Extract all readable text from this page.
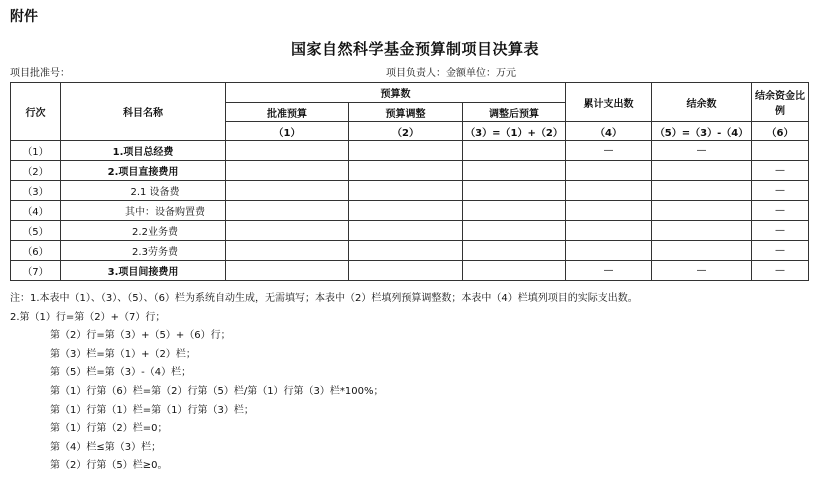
附件
国家自然科学基金预算制项目决算表
项目批准号：	项目负责人：金额单位：万元
行次	科目名称	预算数			累计支出数	结余数	结余资金比例
		批准预算	预算调整	调整后预算			
		（1）	（2）	（3）=（1）+（2）	（4）	（5）=（3）-（4）	（6）
（1）	1.项目总经费				—	—	
（2）	2.项目直接费用						—
（3）	2.1 设备费						—
（4）	其中：设备购置费						—
（5）	2.2业务费						—
（6）	2.3劳务费						—
（7）	3.项目间接费用				—	—	—
注：1.本表中（1）、（3）、（5）、（6）栏为系统自动生成，无需填写；本表中（2）栏填列预算调整数；本表中（4）栏填列项目的实际支出数。
2.第（1）行=第（2）+（7）行；
第（2）行=第（3）+（5）+（6）行；
第（3）栏=第（1）+（2）栏；
第（5）栏=第（3）-（4）栏；
第（1）行第（6）栏=第（2）行第（5）栏/第（1）行第（3）栏*100%；
第（1）行第（1）栏=第（1）行第（3）栏；
第（1）行第（2）栏=0；
第（4）栏≤第（3）栏；
第（2）行第（5）栏≥0。
